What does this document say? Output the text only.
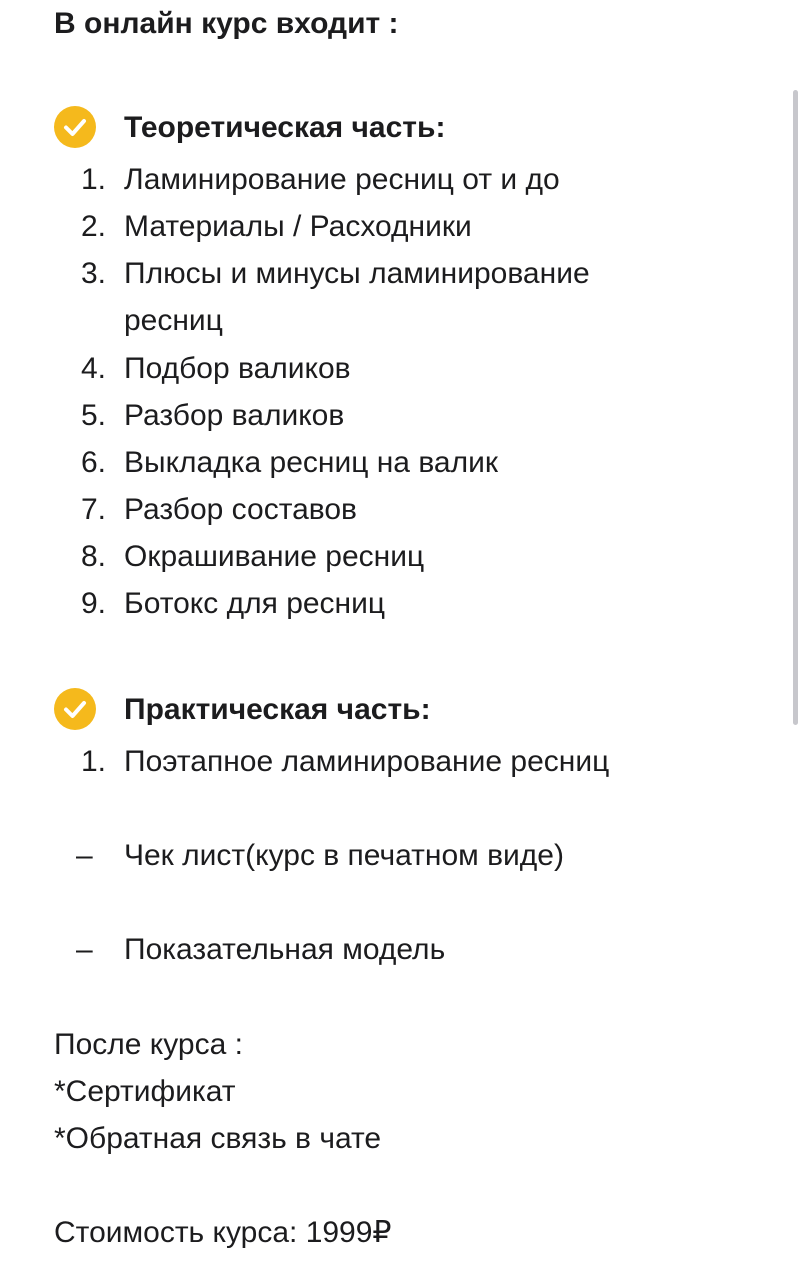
В онлайн курс входит :
Теоретическая часть:
1. Ламинирование ресниц от и до
2. Материалы / Расходники
3. Плюсы и минусы ламинирование ресниц
4. Подбор валиков
5. Разбор валиков
6. Выкладка ресниц на валик
7. Разбор составов
8. Окрашивание ресниц
9. Ботокс для ресниц
Практическая часть:
1. Поэтапное ламинирование ресниц
– Чек лист(курс в печатном виде)
– Показательная модель
После курса :
*Сертификат
*Обратная связь в чате
Стоимость курса: 1999₽
